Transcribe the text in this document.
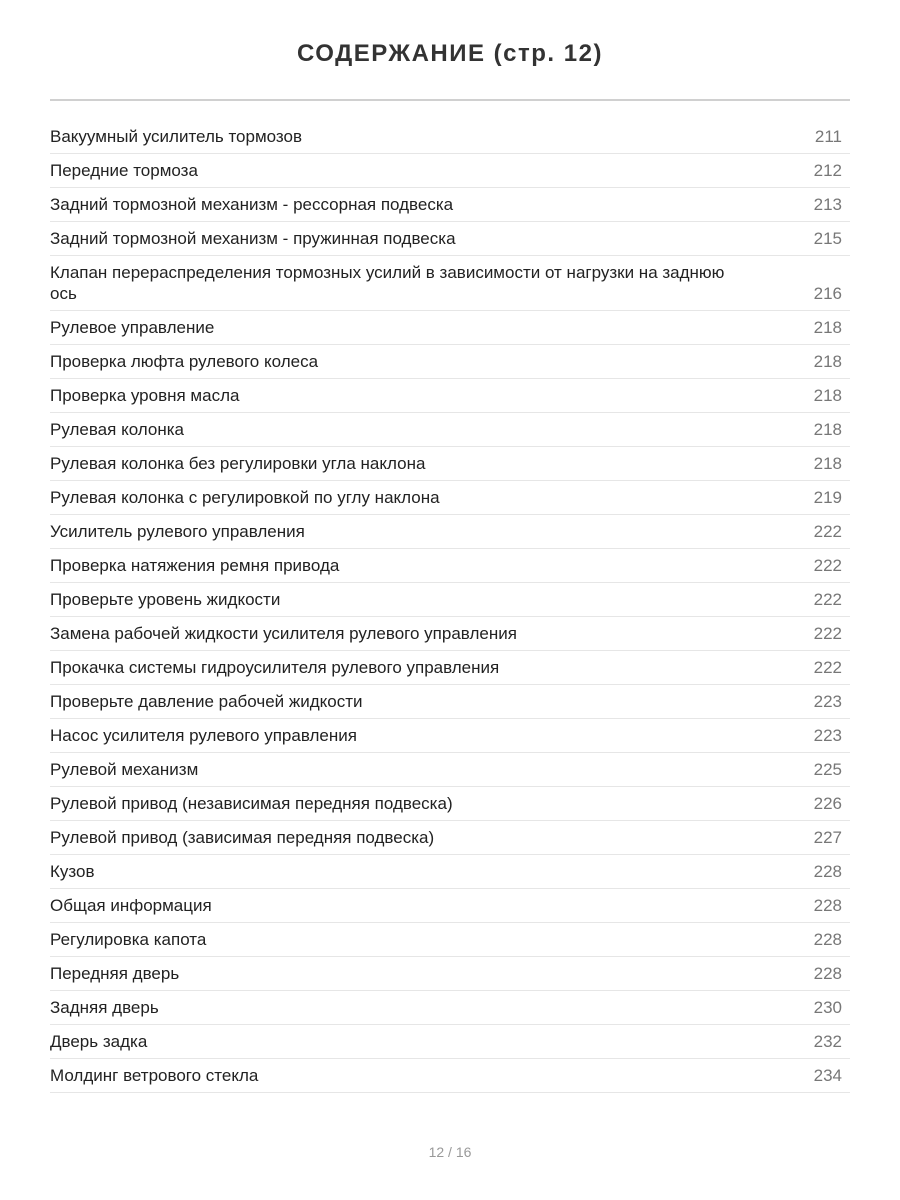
СОДЕРЖАНИЕ (стр. 12)
Вакуумный усилитель тормозов	211
Передние тормоза	212
Задний тормозной механизм - рессорная подвеска	213
Задний тормозной механизм - пружинная подвеска	215
Клапан перераспределения тормозных усилий в зависимости от нагрузки на заднюю ось	216
Рулевое управление	218
Проверка люфта рулевого колеса	218
Проверка уровня масла	218
Рулевая колонка	218
Рулевая колонка без регулировки угла наклона	218
Рулевая колонка с регулировкой по углу наклона	219
Усилитель рулевого управления	222
Проверка натяжения ремня привода	222
Проверьте уровень жидкости	222
Замена рабочей жидкости усилителя рулевого управления	222
Прокачка системы гидроусилителя рулевого управления	222
Проверьте давление рабочей жидкости	223
Насос усилителя рулевого управления	223
Рулевой механизм	225
Рулевой привод (независимая передняя подвеска)	226
Рулевой привод (зависимая передняя подвеска)	227
Кузов	228
Общая информация	228
Регулировка капота	228
Передняя дверь	228
Задняя дверь	230
Дверь задка	232
Молдинг ветрового стекла	234
12 / 16
